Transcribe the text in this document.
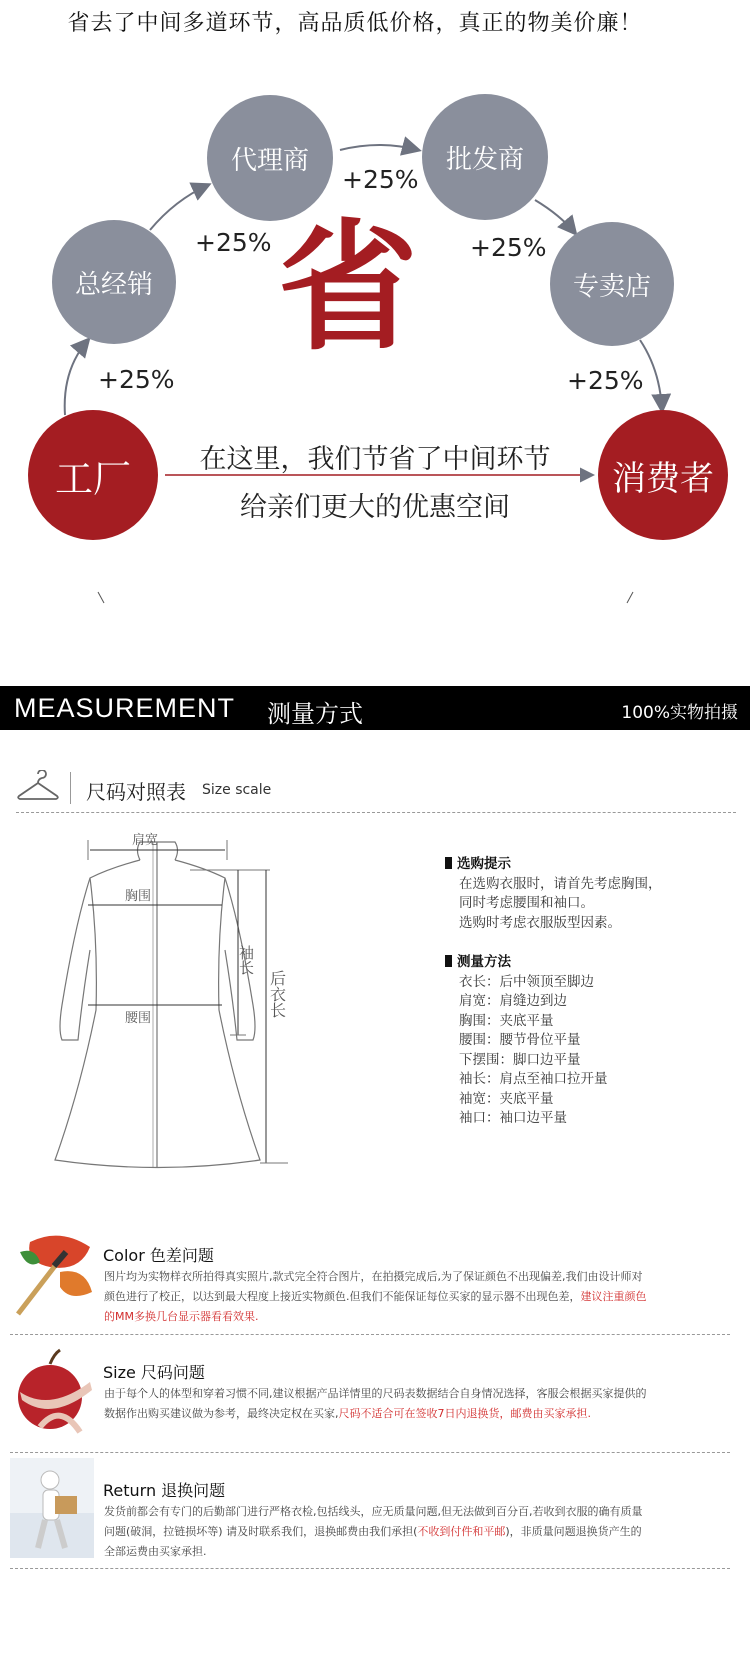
省去了中间多道环节，高品质低价格，真正的物美价廉！
代理商	批发商
总经销	专卖店
工厂	消费者
+25%
+25%	+25%
+25%	+25%
省
在这里，我们节省了中间环节
给亲们更大的优惠空间
MEASUREMENT 测量方式	100%实物拍摄
尺码对照表 Size scale
肩宽
胸围
腰围
袖长
后衣长
选购提示
在选购衣服时，请首先考虑胸围，
同时考虑腰围和袖口。
选购时考虑衣服版型因素。
测量方法
衣长：后中领顶至脚边
肩宽：肩缝边到边
胸围：夹底平量
腰围：腰节骨位平量
下摆围：脚口边平量
袖长：肩点至袖口拉开量
袖宽：夹底平量
袖口：袖口边平量
Color 色差问题
图片均为实物样衣所拍得真实照片,款式完全符合图片，在拍摄完成后,为了保证颜色不出现偏差,我们由设计师对
颜色进行了校正，以达到最大程度上接近实物颜色.但我们不能保证每位买家的显示器不出现色差，建议注重颜色
的MM多换几台显示器看看效果.
Size 尺码问题
由于每个人的体型和穿着习惯不同,建议根据产品详情里的尺码表数据结合自身情况选择，客服会根据买家提供的
数据作出购买建议做为参考，最终决定权在买家,尺码不适合可在签收7日内退换货，邮费由买家承担.
Return 退换问题
发货前都会有专门的后勤部门进行严格衣检,包括线头，应无质量问题,但无法做到百分百,若收到衣服的确有质量
问题(破洞，拉链损坏等) 请及时联系我们，退换邮费由我们承担(不收到付件和平邮)，非质量问题退换货产生的
全部运费由买家承担.
